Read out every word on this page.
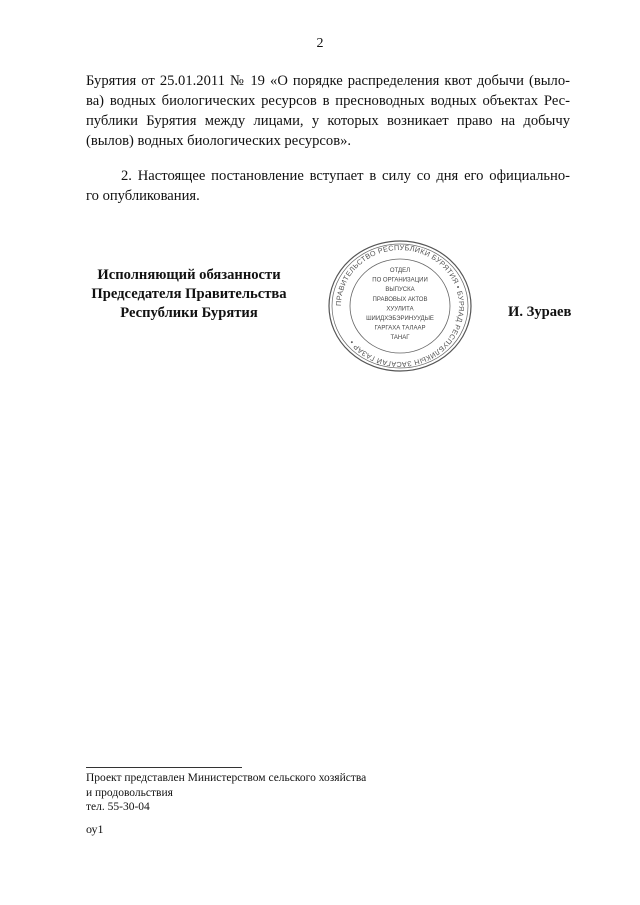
2
Бурятия от 25.01.2011 № 19 «О порядке распределения квот добычи (выло-
ва) водных биологических ресурсов в пресноводных водных объектах Рес-
публики Бурятия между лицами, у которых возникает право на добычу
(вылов) водных биологических ресурсов».
2. Настоящее постановление вступает в силу со дня его официально-
го опубликования.
Исполняющий обязанности
Председателя Правительства
Республики Бурятия
ПРАВИТЕЛЬСТВО РЕСПУБЛИКИ БУРЯТИЯ • БУРЯАД РЕСПУБЛИКЫН ЗАСАГАЙ ГАЗАР •
ОТДЕЛ
ПО ОРГАНИЗАЦИИ
ВЫПУСКА
ПРАВОВЫХ АКТОВ
ХУУЛИТА
ШИИДХЭБЭРИНУУДЫЕ
ГАРГАХА ТАЛААР
ТАНАГ
И. Зураев
Проект представлен Министерством сельского хозяйства
и продовольствия
тел. 55-30-04
оу1
